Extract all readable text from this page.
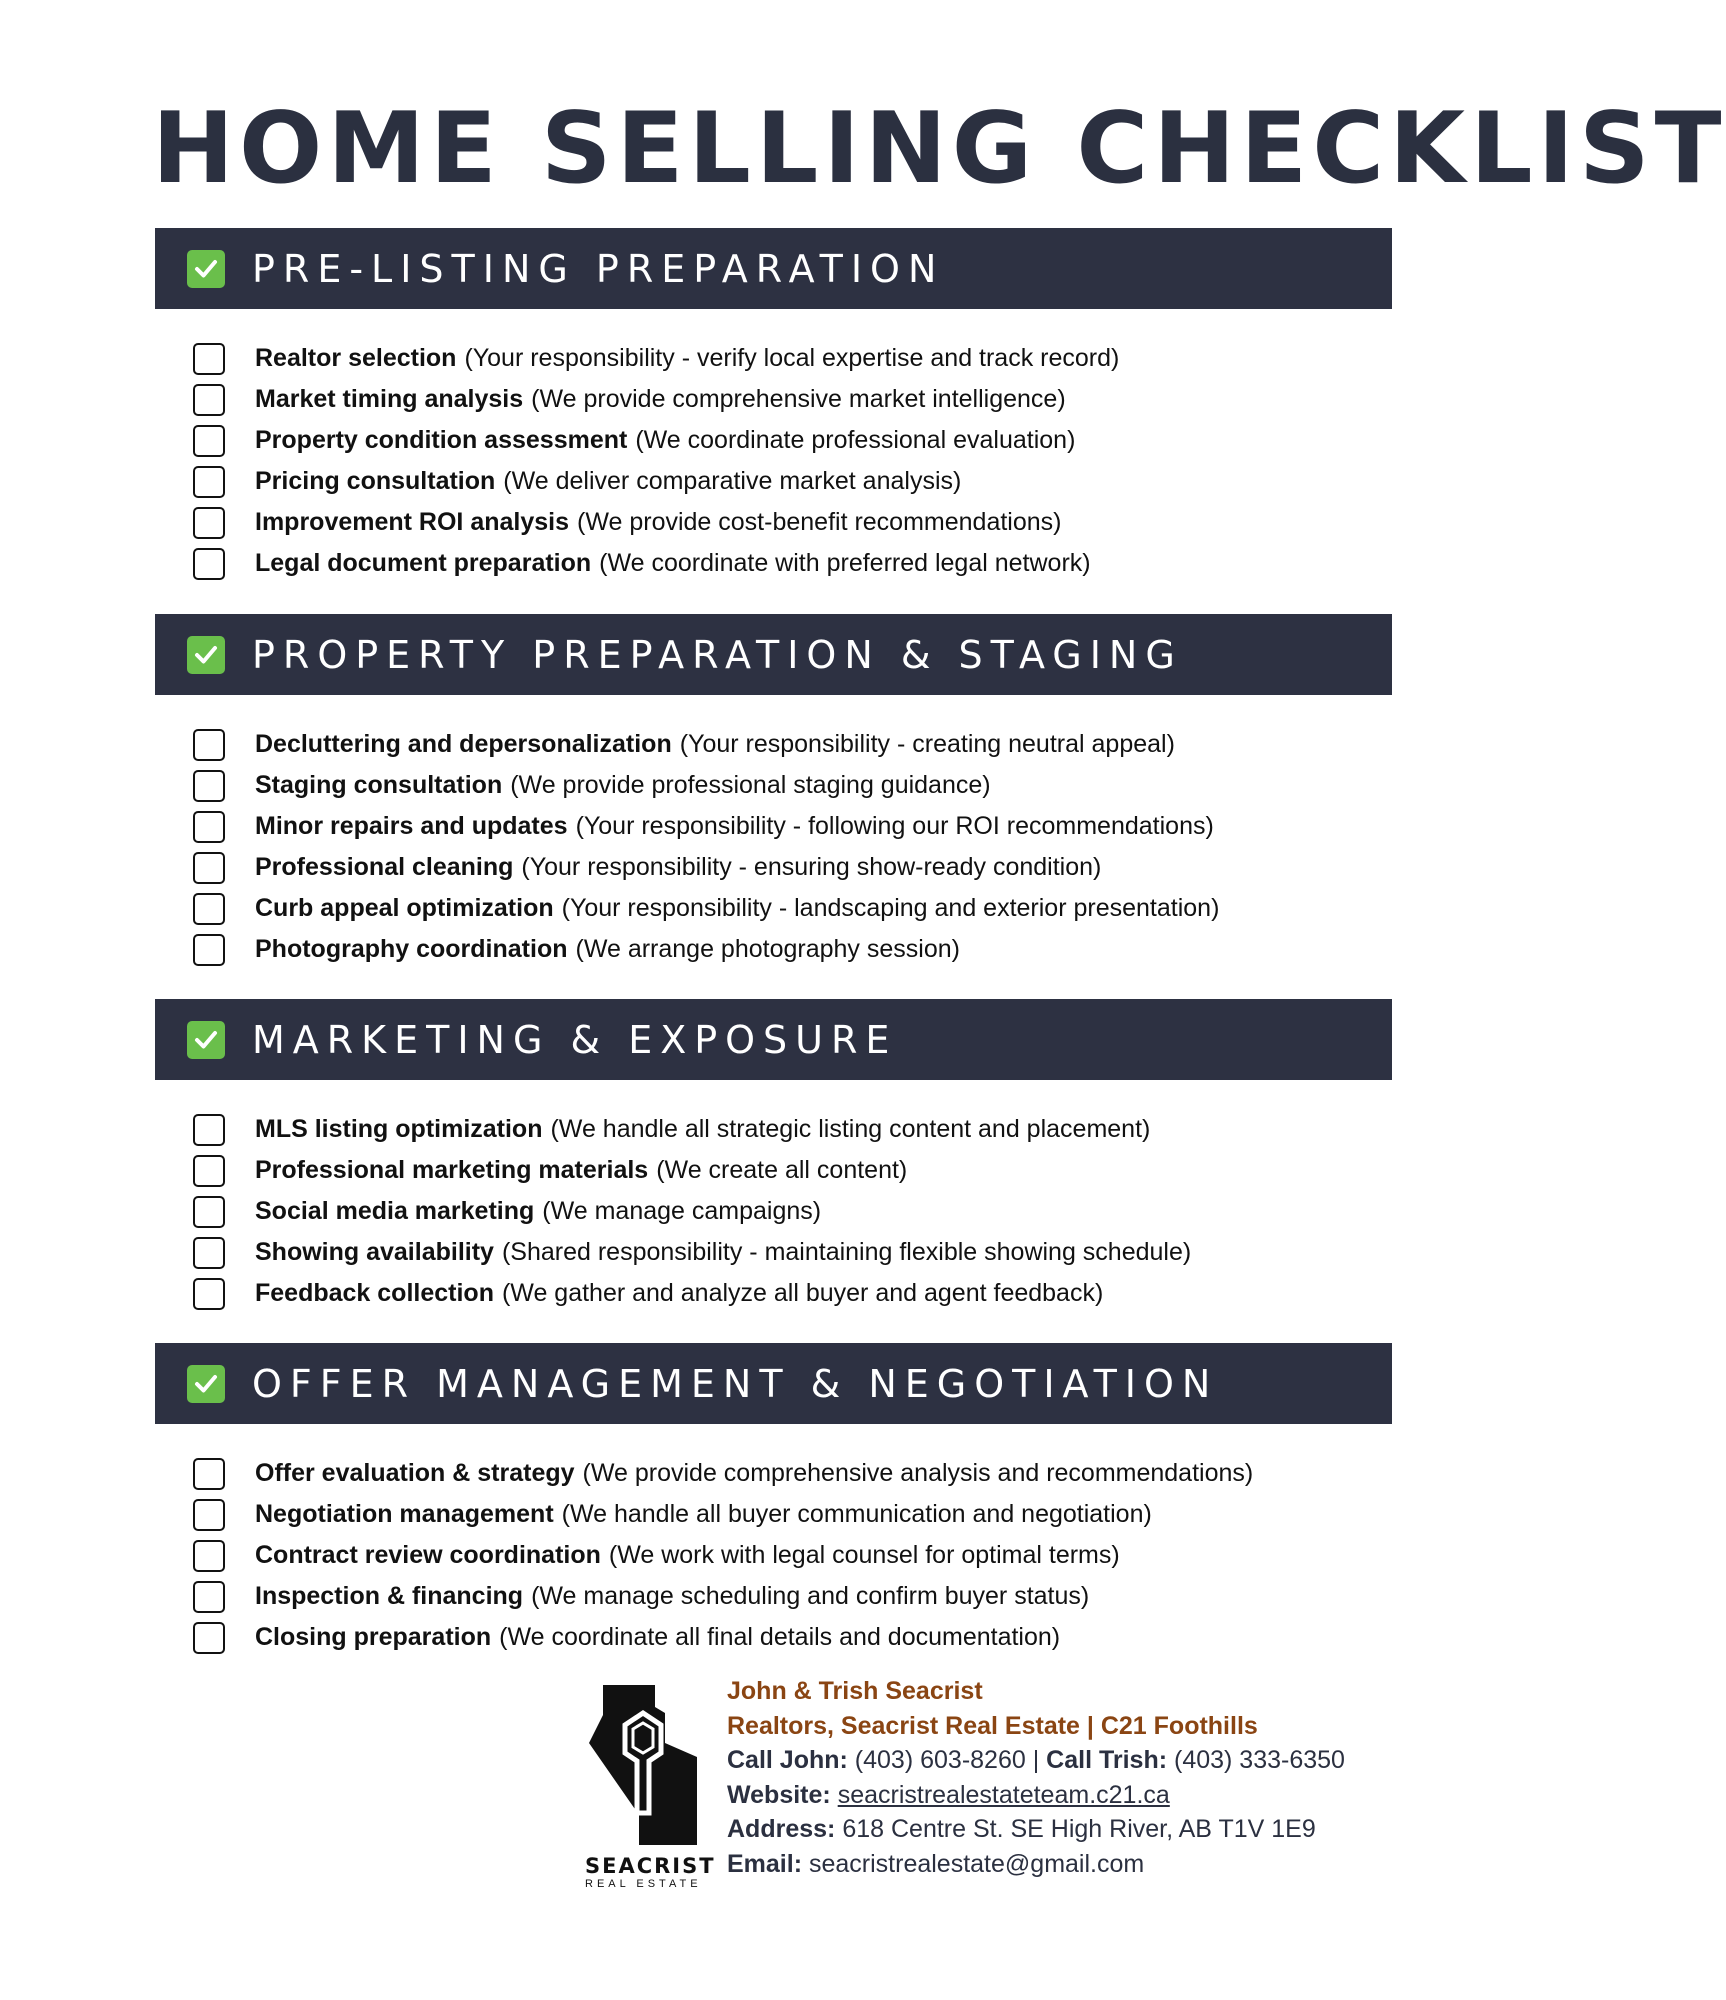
HOME SELLING CHECKLIST
PRE-LISTING PREPARATION
Realtor selection (Your responsibility - verify local expertise and track record)
Market timing analysis (We provide comprehensive market intelligence)
Property condition assessment (We coordinate professional evaluation)
Pricing consultation (We deliver comparative market analysis)
Improvement ROI analysis (We provide cost-benefit recommendations)
Legal document preparation (We coordinate with preferred legal network)
PROPERTY PREPARATION & STAGING
Decluttering and depersonalization (Your responsibility - creating neutral appeal)
Staging consultation (We provide professional staging guidance)
Minor repairs and updates (Your responsibility - following our ROI recommendations)
Professional cleaning (Your responsibility - ensuring show-ready condition)
Curb appeal optimization (Your responsibility - landscaping and exterior presentation)
Photography coordination (We arrange photography session)
MARKETING & EXPOSURE
MLS listing optimization (We handle all strategic listing content and placement)
Professional marketing materials (We create all content)
Social media marketing (We manage campaigns)
Showing availability (Shared responsibility - maintaining flexible showing schedule)
Feedback collection (We gather and analyze all buyer and agent feedback)
OFFER MANAGEMENT & NEGOTIATION
Offer evaluation & strategy (We provide comprehensive analysis and recommendations)
Negotiation management (We handle all buyer communication and negotiation)
Contract review coordination (We work with legal counsel for optimal terms)
Inspection & financing (We manage scheduling and confirm buyer status)
Closing preparation (We coordinate all final details and documentation)
SEACRIST
REAL ESTATE
John & Trish Seacrist
Realtors, Seacrist Real Estate | C21 Foothills
Call John: (403) 603-8260 | Call Trish: (403) 333-6350
Website: seacristrealestateteam.c21.ca
Address: 618 Centre St. SE High River, AB T1V 1E9
Email: seacristrealestate@gmail.com
